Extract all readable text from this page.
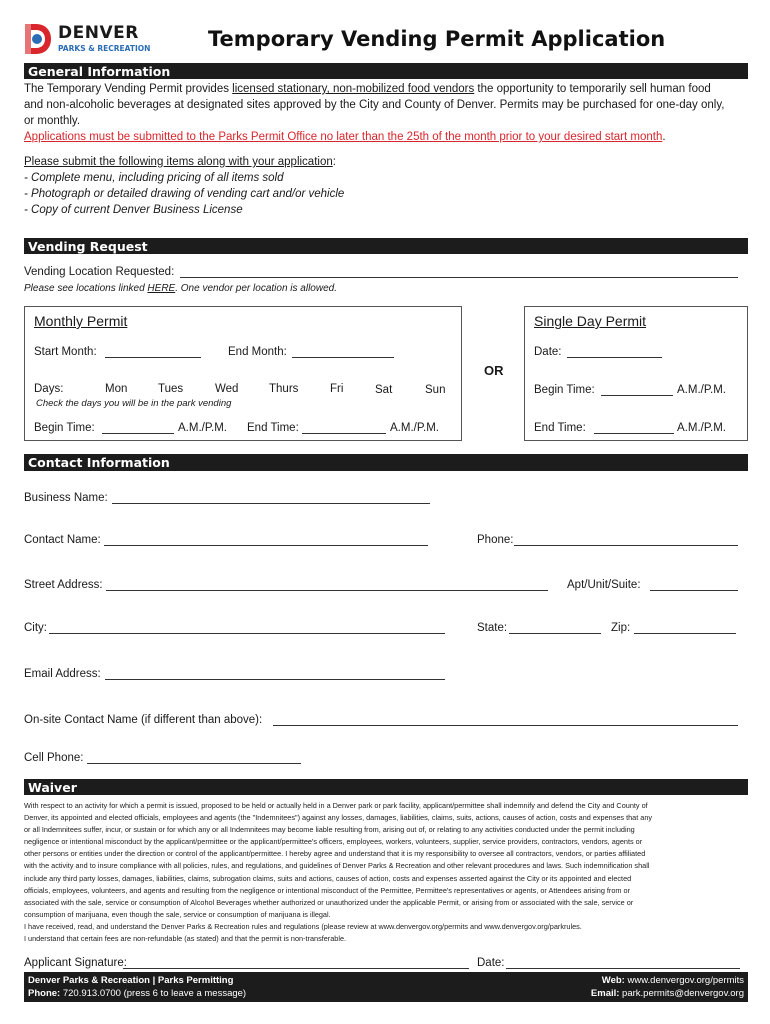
DENVER
PARKS & RECREATION	Temporary Vending Permit Application
General Information
The Temporary Vending Permit provides licensed stationary, non-mobilized food vendors the opportunity to temporarily sell human food
and non-alcoholic beverages at designated sites approved by the City and County of Denver. Permits may be purchased for one-day only,
or monthly.
Applications must be submitted to the Parks Permit Office no later than the 25th of the month prior to your desired start month.
Please submit the following items along with your application:
- Complete menu, including pricing of all items sold
- Photograph or detailed drawing of vending cart and/or vehicle
- Copy of current Denver Business License
Vending Request
Vending Location Requested:
Please see locations linked HERE. One vendor per location is allowed.
Monthly Permit
Start Month:	End Month:
Days:	Mon	Tues	Wed	Thurs	Fri	Sat	Sun
Check the days you will be in the park vending
Begin Time:	A.M./P.M. End Time:	A.M./P.M.
OR
Single Day Permit
Date:
Begin Time:	A.M./P.M.
End Time:	A.M./P.M.
Contact Information
Business Name:
Contact Name:	Phone:
Street Address:	Apt/Unit/Suite:
City:	State:	Zip:
Email Address:
On-site Contact Name (if different than above):
Cell Phone:
Waiver
With respect to an activity for which a permit is issued, proposed to be held or actually held in a Denver park or park facility, applicant/permittee shall indemnify and defend the City and County of
Denver, its appointed and elected officials, employees and agents (the "Indemnitees") against any losses, damages, liabilities, claims, suits, actions, causes of action, costs and expenses that any
or all Indemnitees suffer, incur, or sustain or for which any or all Indemnitees may become liable resulting from, arising out of, or relating to any activities conducted under the permit including
negligence or intentional misconduct by the applicant/permittee or the applicant/permittee's officers, employees, workers, volunteers, supplier, service providers, contractors, vendors, agents or
other persons or entities under the direction or control of the applicant/permittee. I hereby agree and understand that it is my responsibility to oversee all contractors, vendors, or parties affiliated
with the activity and to insure compliance with all policies, rules, and regulations, and guidelines of Denver Parks & Recreation and other relevant procedures and laws. Such indemnification shall
include any third party losses, damages, liabilities, claims, subrogation claims, suits and actions, causes of action, costs and expenses asserted against the City or its appointed and elected
officials, employees, volunteers, and agents and resulting from the negligence or intentional misconduct of the Permittee, Permittee's representatives or agents, or Attendees arising from or
associated with the sale, service or consumption of Alcohol Beverages whether authorized or unauthorized under the applicable Permit, or arising from or associated with the sale, service or
consumption of marijuana, even though the sale, service or consumption of marijuana is illegal.
I have received, read, and understand the Denver Parks & Recreation rules and regulations (please review at www.denvergov.org/permits and www.denvergov.org/parkrules.
I understand that certain fees are non-refundable (as stated) and that the permit is non-transferable.
Applicant Signature:	Date:
Denver Parks & Recreation | Parks Permitting
Phone: 720.913.0700 (press 6 to leave a message)
Web: www.denvergov.org/permits
Email: park.permits@denvergov.org
